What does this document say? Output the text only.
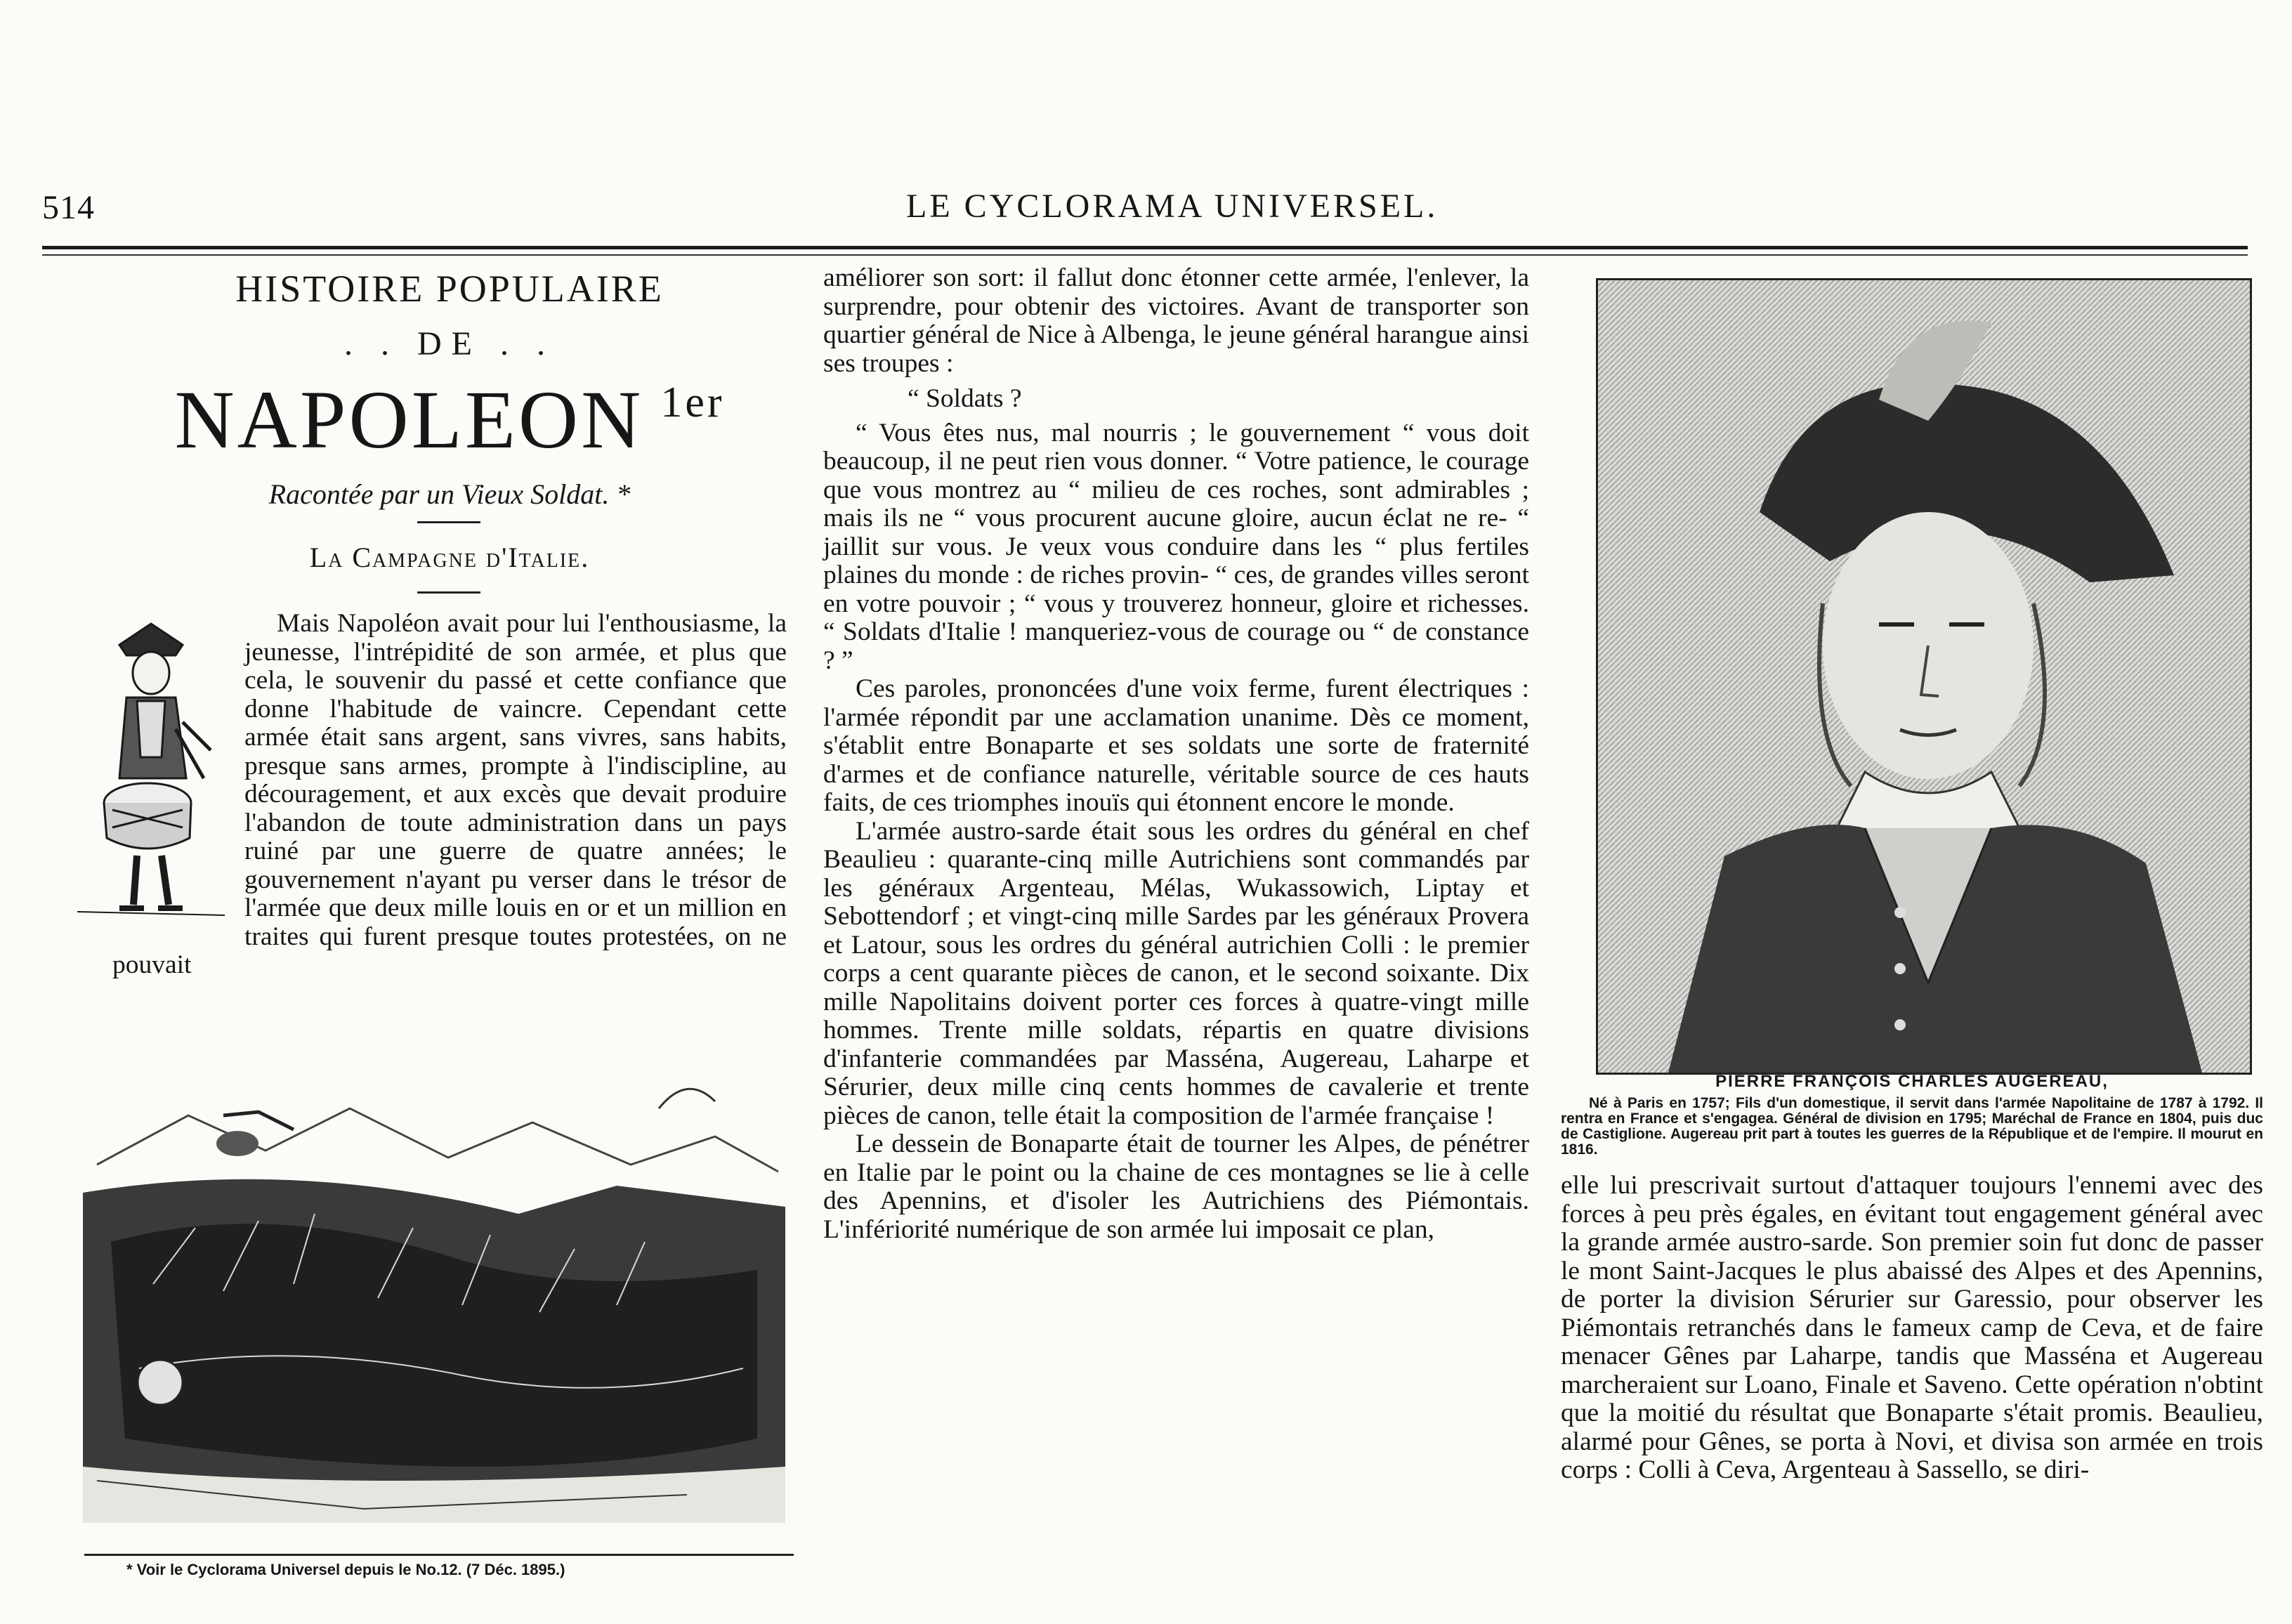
514	LE CYCLORAMA UNIVERSEL.
HISTOIRE POPULAIRE
. . DE . .
NAPOLEON $^{1er}$
Racontée par un Vieux Soldat. *
La Campagne d'Italie.

Mais Napoléon avait pour lui l'enthousiasme, la jeunesse, l'intrépidité de son armée, et plus que cela, le souvenir du passé et cette confiance que donne l'habitude de vaincre. Cependant cette armée était sans argent, sans vivres, sans habits, presque sans armes, prompte à l'indiscipline, au découragement, et aux excès que devait produire l'abandon de toute administration dans un pays ruiné par une guerre de quatre années; le gouvernement n'ayant pu verser dans le trésor de l'armée que deux mille louis en or et un million en traites qui furent presque toutes protestées, on ne pouvait

* Voir le Cyclorama Universel depuis le No.12. (7 Déc. 1895.)

améliorer son sort: il fallut donc étonner cette armée, l'enlever, la surprendre, pour obtenir des victoires. Avant de transporter son quartier général de Nice à Albenga, le jeune général harangue ainsi ses troupes :

“ Soldats ?

“ Vous êtes nus, mal nourris ; le gouvernement “ vous doit beaucoup, il ne peut rien vous donner. “ Votre patience, le courage que vous montrez au “ milieu de ces roches, sont admirables ; mais ils ne “ vous procurent aucune gloire, aucun éclat ne re- “ jaillit sur vous. Je veux vous conduire dans les “ plus fertiles plaines du monde : de riches provin- “ ces, de grandes villes seront en votre pouvoir ; “ vous y trouverez honneur, gloire et richesses. “ Soldats d'Italie ! manqueriez-vous de courage ou “ de constance ? ”

Ces paroles, prononcées d'une voix ferme, furent électriques : l'armée répondit par une acclamation unanime. Dès ce moment, s'établit entre Bonaparte et ses soldats une sorte de fraternité d'armes et de confiance naturelle, véritable source de ces hauts faits, de ces triomphes inouïs qui étonnent encore le monde.

L'armée austro-sarde était sous les ordres du général en chef Beaulieu : quarante-cinq mille Autrichiens sont commandés par les généraux Argenteau, Mélas, Wukassowich, Liptay et Sebottendorf ; et vingt-cinq mille Sardes par les généraux Provera et Latour, sous les ordres du général autrichien Colli : le premier corps a cent quarante pièces de canon, et le second soixante. Dix mille Napolitains doivent porter ces forces à quatre-vingt mille hommes. Trente mille soldats, répartis en quatre divisions d'infanterie commandées par Masséna, Augereau, Laharpe et Sérurier, deux mille cinq cents hommes de cavalerie et trente pièces de canon, telle était la composition de l'armée française !

Le dessein de Bonaparte était de tourner les Alpes, de pénétrer en Italie par le point ou la chaine de ces montagnes se lie à celle des Apennins, et d'isoler les Autrichiens des Piémontais. L'infériorité numérique de son armée lui imposait ce plan,

PIERRE FRANÇOIS CHARLES AUGEREAU,
Né à Paris en 1757; Fils d'un domestique, il servit dans l'armée Napolitaine de 1787 à 1792. Il rentra en France et s'engagea. Général de division en 1795; Maréchal de France en 1804, puis duc de Castiglione. Augereau prit part à toutes les guerres de la République et de l'empire. Il mourut en 1816.

elle lui prescrivait surtout d'attaquer toujours l'ennemi avec des forces à peu près égales, en évitant tout engagement général avec la grande armée austro-sarde. Son premier soin fut donc de passer le mont Saint-Jacques le plus abaissé des Alpes et des Apennins, de porter la division Sérurier sur Garessio, pour observer les Piémontais retranchés dans le fameux camp de Ceva, et de faire menacer Gênes par Laharpe, tandis que Masséna et Augereau marcheraient sur Loano, Finale et Saveno. Cette opération n'obtint que la moitié du résultat que Bonaparte s'était promis. Beaulieu, alarmé pour Gênes, se porta à Novi, et divisa son armée en trois corps : Colli à Ceva, Argenteau à Sassello, se diri-
